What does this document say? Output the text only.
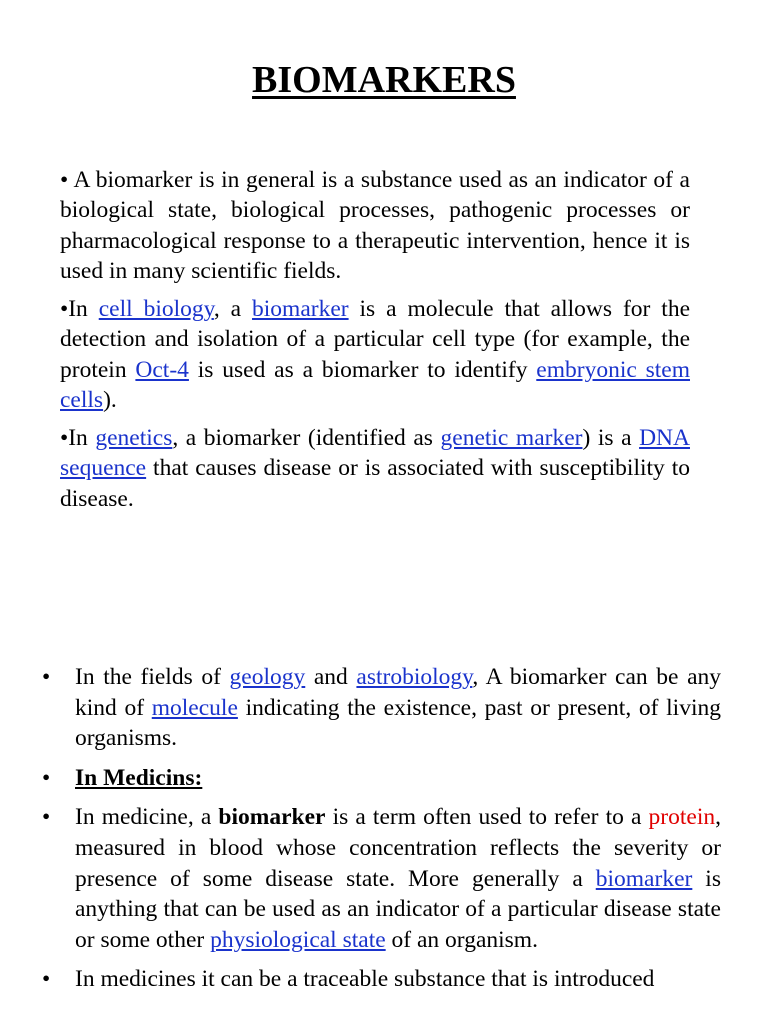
BIOMARKERS

• A biomarker is in general is a substance used as an indicator of a biological state, biological processes, pathogenic processes or pharmacological response to a therapeutic intervention, hence it is used in many scientific fields.

•In cell biology, a biomarker is a molecule that allows for the detection and isolation of a particular cell type (for example, the protein Oct-4 is used as a biomarker to identify embryonic stem cells).

•In genetics, a biomarker (identified as genetic marker) is a DNA sequence that causes disease or is associated with susceptibility to disease.

• In the fields of geology and astrobiology, A biomarker can be any kind of molecule indicating the existence, past or present, of living organisms.
• In Medicins:
• In medicine, a biomarker is a term often used to refer to a protein, measured in blood whose concentration reflects the severity or presence of some disease state. More generally a biomarker is anything that can be used as an indicator of a particular disease state or some other physiological state of an organism.
• In medicines it can be a traceable substance that is introduced
